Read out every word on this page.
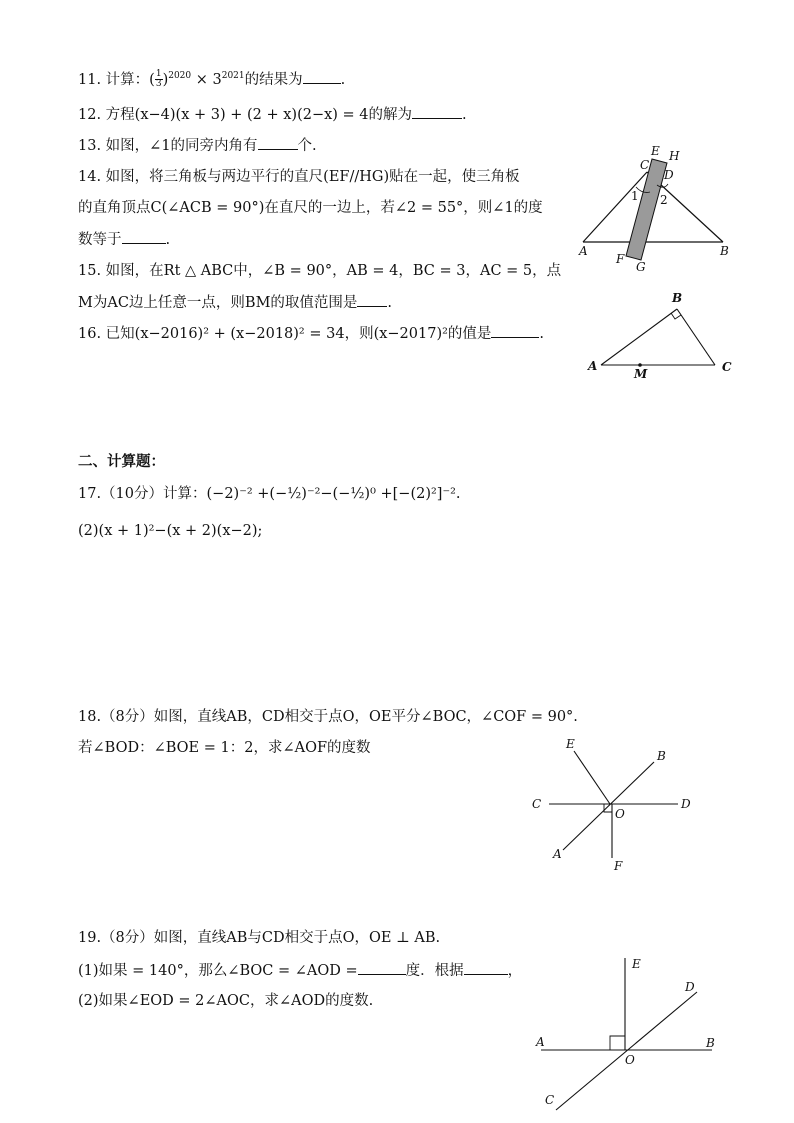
11. 计算：( $\frac{1}{3} )^{2020} \times 3^{2021}$的结果为	.
12. 方程(x−4)(x + 3) + (2 + x)(2−x) = 4的解为	.
13. 如图，∠1的同旁内角有	个.
14. 如图，将三角板与两边平行的直尺(EF//HG)贴在一起，使三角板
的直角顶点C(∠ACB = 90°)在直尺的一边上，若∠2 = 55°，则∠1的度
数等于	.
15. 如图，在Rt △ ABC中，∠B = 90°，AB = 4，BC = 3，AC = 5，点
M为AC边上任意一点，则BM的取值范围是 .
16. 已知(x−2016)² + (x−2018)² = 34，则(x−2017)²的值是	.
E H
C
D
1 2
A	B
F
G
B
A	C
M
二、计算题：
17.（10分）计算：(−2)⁻² +(−½)⁻²−(−½)⁰ +[−(2)²]⁻².
(2)(x + 1)²−(x + 2)(x−2);
18.（8分）如图，直线AB，CD相交于点O，OE平分∠BOC，∠COF = 90°.
若∠BOD：∠BOE = 1：2，求∠AOF的度数	E
B
C
O
D
A
F
19.（8分）如图，直线AB与CD相交于点O，OE ⊥ AB.
(1)如果 = 140°，那么∠BOC = ∠AOD =	度．根据	，
(2)如果∠EOD = 2∠AOC，求∠AOD的度数.
E
D
A
O
B
C
